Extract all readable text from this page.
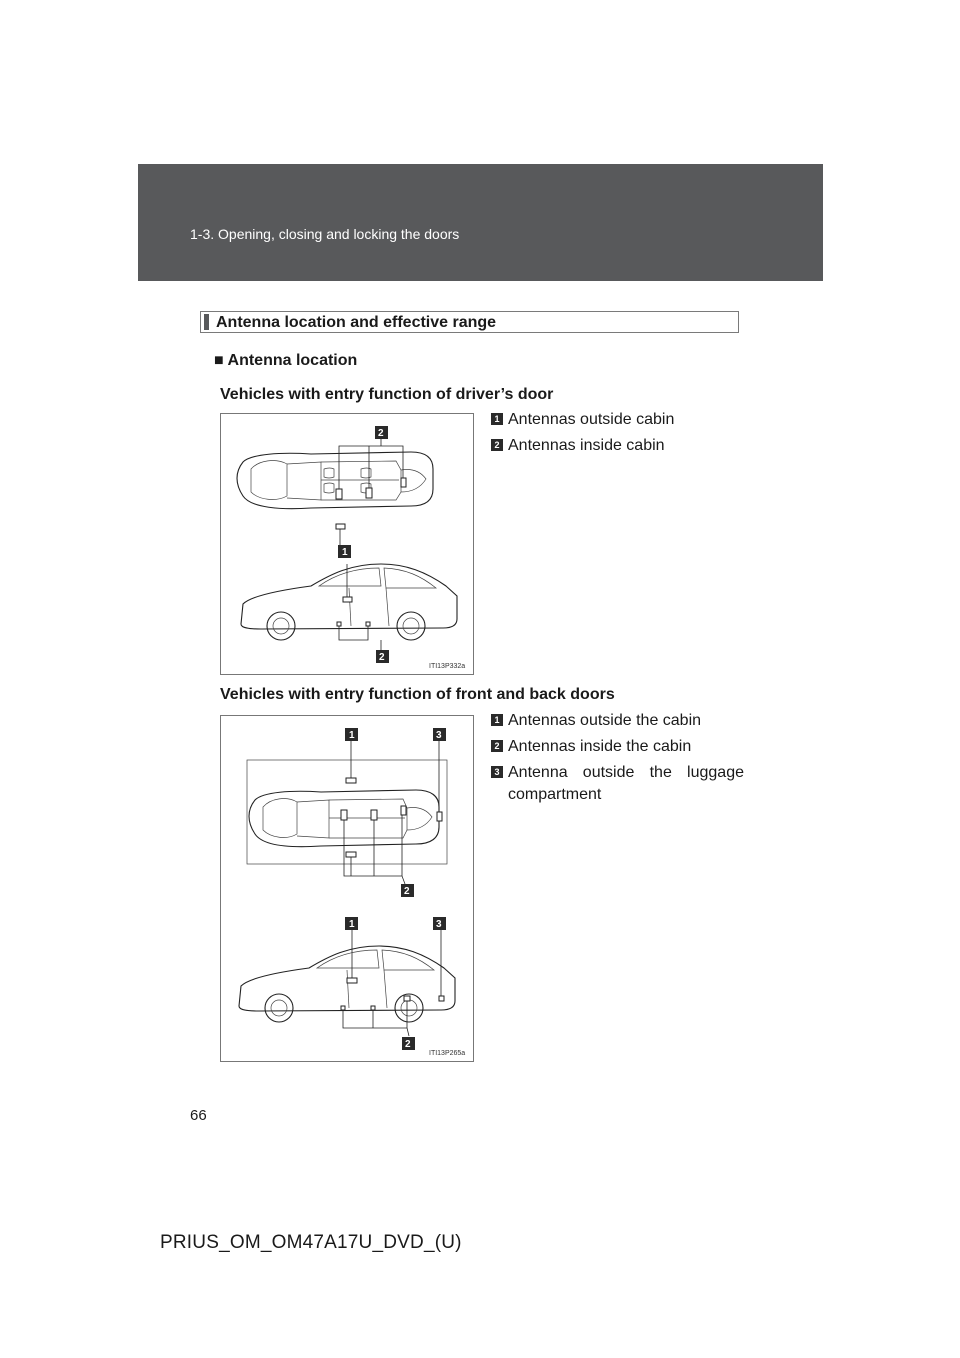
1-3. Opening, closing and locking the doors
Antenna location and effective range
■ Antenna location
Vehicles with entry function of driver’s door
1 Antennas outside cabin
2 Antennas inside cabin
2
1
2
ITI13P332a
Vehicles with entry function of front and back doors
1 Antennas outside the cabin
2 Antennas inside the cabin
3 Antenna outside the luggage compartment
1	3
2
1	3
2
ITI13P265a
66
PRIUS_OM_OM47A17U_DVD_(U)
